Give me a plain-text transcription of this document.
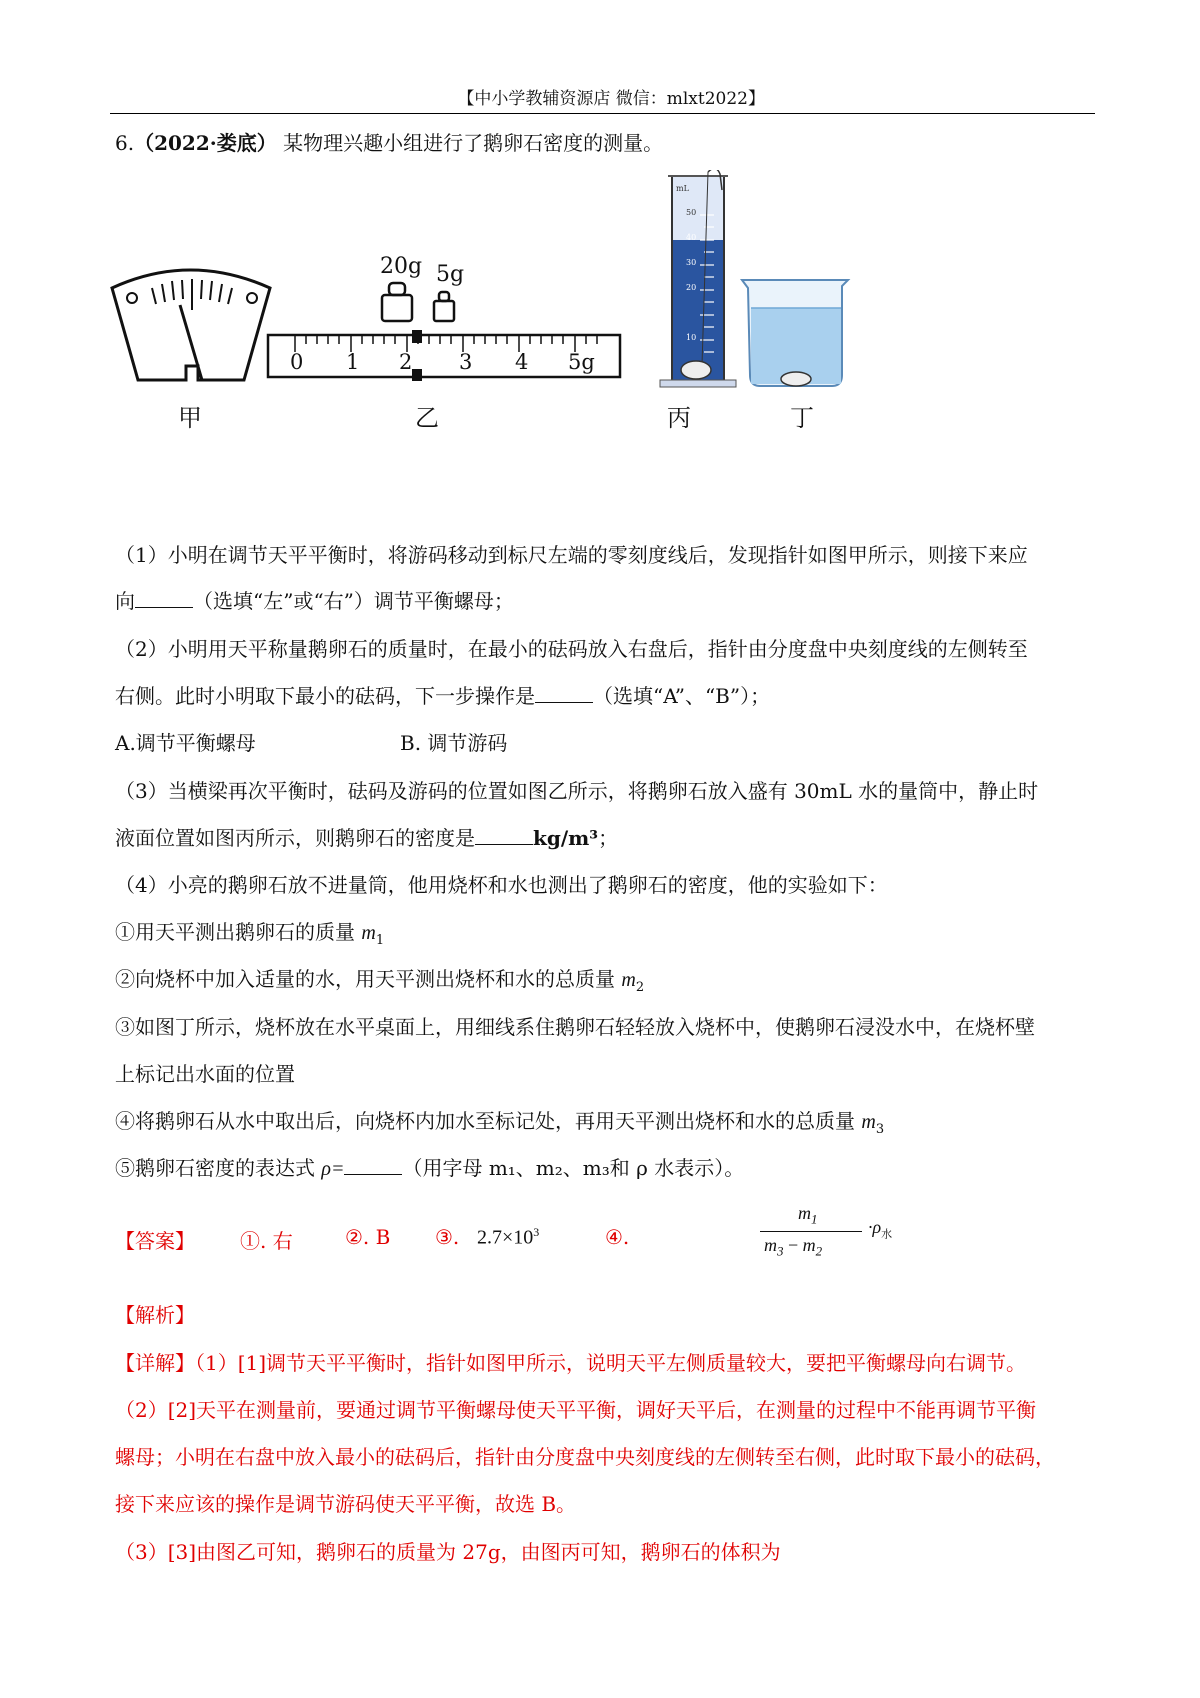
【中小学教辅资源店 微信：mlxt2022】
6.（2022·娄底） 某物理兴趣小组进行了鹅卵石密度的测量。
甲	乙	丙	丁
20g 5g
0 1 2 3 4 5g
mL
50
40
30
20
10
（1）小明在调节天平平衡时，将游码移动到标尺左端的零刻度线后，发现指针如图甲所示，则接下来应
向	（选填“左”或“右”）调节平衡螺母；
（2）小明用天平称量鹅卵石的质量时，在最小的砝码放入右盘后，指针由分度盘中央刻度线的左侧转至
右侧。此时小明取下最小的砝码，下一步操作是	（选填“A”、“B”）；
A.调节平衡螺母	B. 调节游码
（3）当横梁再次平衡时，砝码及游码的位置如图乙所示，将鹅卵石放入盛有 30mL 水的量筒中，静止时
液面位置如图丙所示，则鹅卵石的密度是	kg/m³；
（4）小亮的鹅卵石放不进量筒，他用烧杯和水也测出了鹅卵石的密度，他的实验如下：
①用天平测出鹅卵石的质量 $m_1$
②向烧杯中加入适量的水，用天平测出烧杯和水的总质量 $m_2$
③如图丁所示，烧杯放在水平桌面上，用细线系住鹅卵石轻轻放入烧杯中，使鹅卵石浸没水中，在烧杯壁
上标记出水面的位置
④将鹅卵石从水中取出后，向烧杯内加水至标记处，再用天平测出烧杯和水的总质量 $m_3$
⑤鹅卵石密度的表达式 ρ=	（用字母 m₁、m₂、m₃和 ρ 水表示）。
【答案】 ①. 右	②. B ③. $2.7\times 10^3$	④.
$m_1$
$m_3 - m_2$
$\cdot\rho_水$
【解析】
【详解】（1）[1]调节天平平衡时，指针如图甲所示，说明天平左侧质量较大，要把平衡螺母向右调节。
（2）[2]天平在测量前，要通过调节平衡螺母使天平平衡，调好天平后，在测量的过程中不能再调节平衡
螺母；小明在右盘中放入最小的砝码后，指针由分度盘中央刻度线的左侧转至右侧，此时取下最小的砝码，
接下来应该的操作是调节游码使天平平衡，故选 B。
（3）[3]由图乙可知，鹅卵石的质量为 27g，由图丙可知，鹅卵石的体积为
